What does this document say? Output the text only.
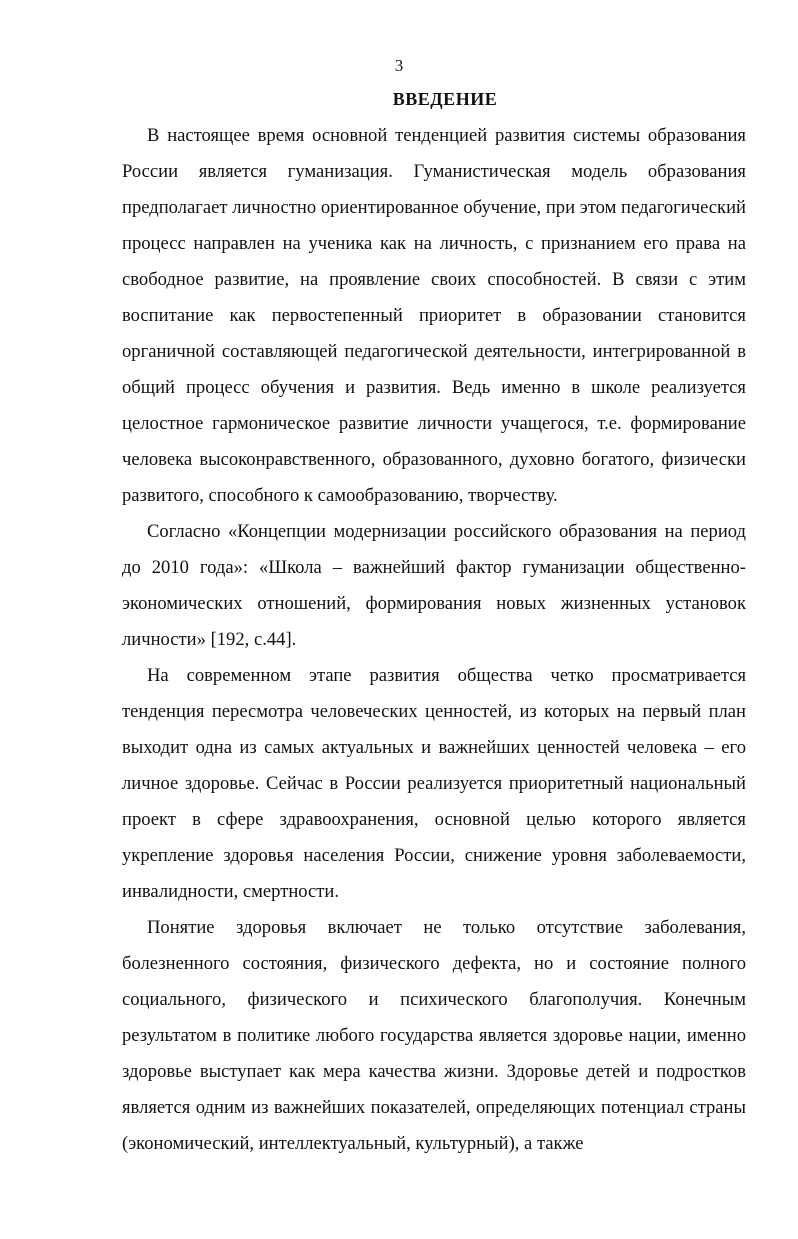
3
ВВЕДЕНИЕ

В настоящее время основной тенденцией развития системы образования России является гуманизация. Гуманистическая модель образования предполагает личностно ориентированное обучение, при этом педагогический процесс направлен на ученика как на личность, с признанием его права на свободное развитие, на проявление своих способностей. В связи с этим воспитание как первостепенный приоритет в образовании становится органичной составляющей педагогической деятельности, интегрированной в общий процесс обучения и развития. Ведь именно в школе реализуется целостное гармоническое развитие личности учащегося, т.е. формирование человека высоконравственного, образованного, духовно богатого, физически развитого, способного к самообразованию, творчеству.

Согласно «Концепции модернизации российского образования на период до 2010 года»: «Школа – важнейший фактор гуманизации общественно-экономических отношений, формирования новых жизненных установок личности» [192, с.44].

На современном этапе развития общества четко просматривается тенденция пересмотра человеческих ценностей, из которых на первый план выходит одна из самых актуальных и важнейших ценностей человека – его личное здоровье. Сейчас в России реализуется приоритетный национальный проект в сфере здравоохранения, основной целью которого является укрепление здоровья населения России, снижение уровня заболеваемости, инвалидности, смертности.

Понятие здоровья включает не только отсутствие заболевания, болезненного состояния, физического дефекта, но и состояние полного социального, физического и психического благополучия. Конечным результатом в политике любого государства является здоровье нации, именно здоровье выступает как мера качества жизни. Здоровье детей и подростков является одним из важнейших показателей, определяющих потенциал страны (экономический, интеллектуальный, культурный), а также
